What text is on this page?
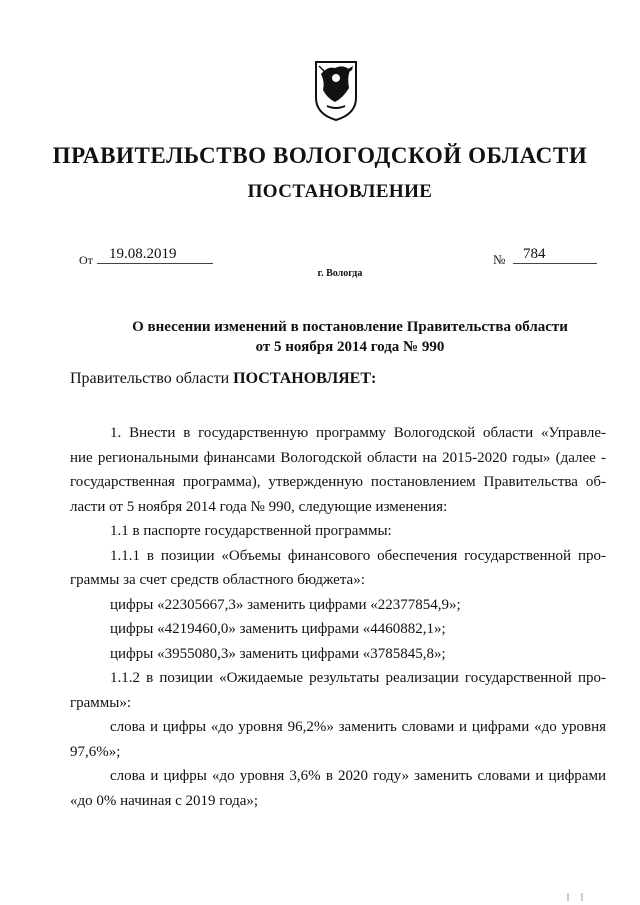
ПРАВИТЕЛЬСТВО ВОЛОГОДСКОЙ ОБЛАСТИ
ПОСТАНОВЛЕНИЕ
От	19.08.2019	№	784
г. Вологда
О внесении изменений в постановление Правительства области
от 5 ноября 2014 года № 990
Правительство области ПОСТАНОВЛЯЕТ:
1. Внести в государственную программу Вологодской области «Управле-
ние региональными финансами Вологодской области на 2015-2020 годы» (далее -
государственная программа), утвержденную постановлением Правительства об-
ласти от 5 ноября 2014 года № 990, следующие изменения:
1.1 в паспорте государственной программы:
1.1.1 в позиции «Объемы финансового обеспечения государственной про-
граммы за счет средств областного бюджета»:
цифры «22305667,3» заменить цифрами «22377854,9»;
цифры «4219460,0» заменить цифрами «4460882,1»;
цифры «3955080,3» заменить цифрами «3785845,8»;
1.1.2 в позиции «Ожидаемые результаты реализации государственной про-
граммы»:
слова и цифры «до уровня 96,2%» заменить словами и цифрами «до уровня
97,6%»;
слова и цифры «до уровня 3,6% в 2020 году» заменить словами и цифрами
«до 0% начиная с 2019 года»;
